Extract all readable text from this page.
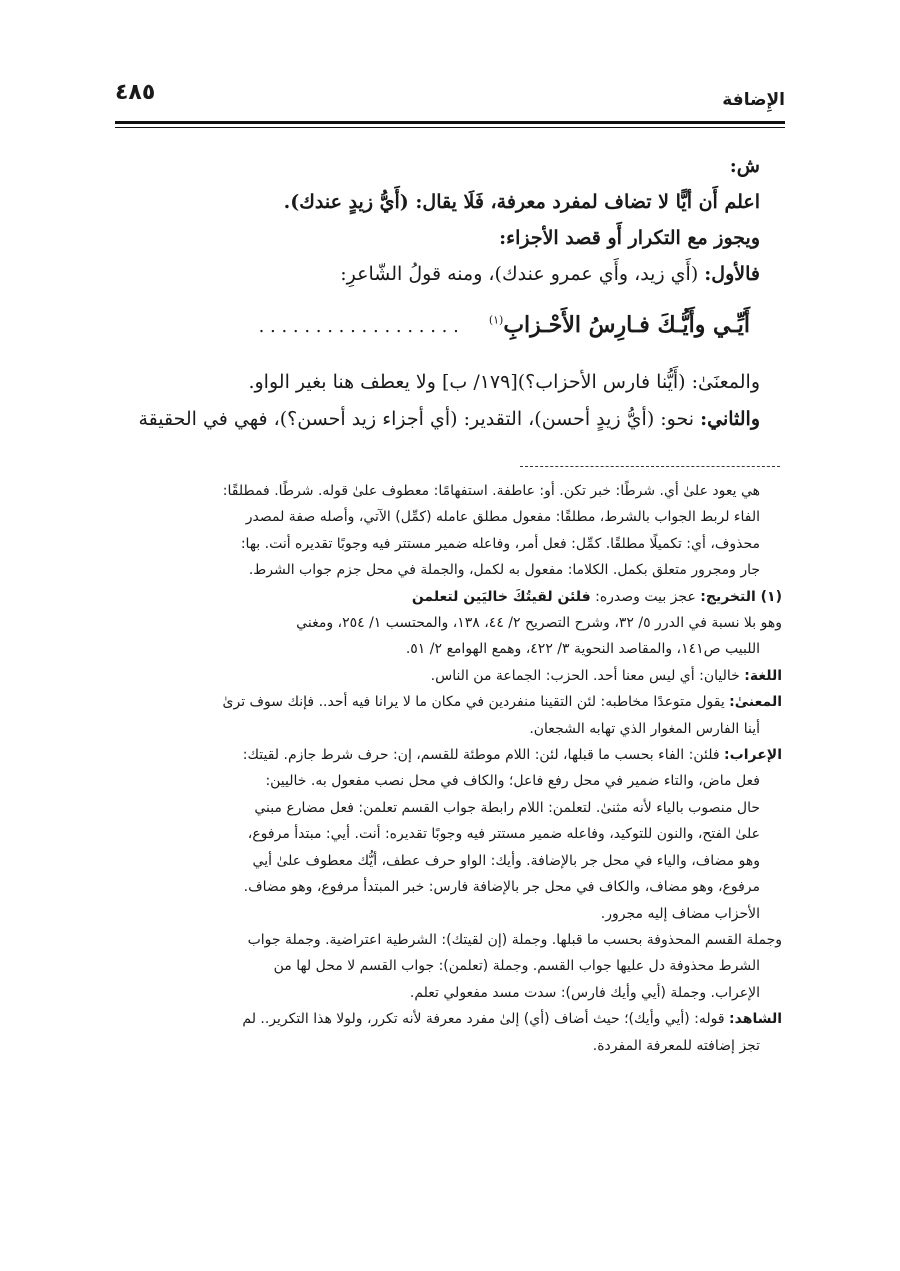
الإِضافة
٤٨٥

ش:

اعلم أَن أيًّا لا تضاف لمفرد معرفة، فَلَا يقال: (أَيُّ زيدٍ عندك).

ويجوز مع التكرار أَو قصد الأجزاء:

فالأول: (أَي زيد، وأَي عمرو عندك)، ومنه قولُ الشّاعرِ:

أَيِّـي وأَيُّـكَ فـارِسُ الأَحْـزابِ$^{(١)}$. . . . . . . . . . . . . . . . . .

والمعنَىٰ: (أَيُّنا فارس الأحزاب؟)[١٧٩/ ب] ولا يعطف هنا بغير الواو.

والثاني: نحو: (أيُّ زيدٍ أحسن)، التقدير: (أي أجزاء زيد أحسن؟)، فهي في الحقيقة

هي يعود علىٰ أي. شرطًا: خبر تكن. أو: عاطفة. استفهامًا: معطوف علىٰ قوله. شرطًا. فمطلقًا:

الفاء لربط الجواب بالشرط، مطلقًا: مفعول مطلق عامله (كمِّل) الآتي، وأصله صفة لمصدر

محذوف، أي: تكميلًا مطلقًا. كمِّل: فعل أمر، وفاعله ضمير مستتر فيه وجوبًا تقديره أنت. بها:

جار ومجرور متعلق بكمل. الكلاما: مفعول به لكمل، والجملة في محل جزم جواب الشرط.

(١) التخريج: عجز بيت وصدره: فلئن لقيتُكَ خاليَين لتعلمن

وهو بلا نسبة في الدرر ٥/ ٣٢، وشرح التصريح ٢/ ٤٤، ١٣٨، والمحتسب ١/ ٢٥٤، ومغني

اللبيب ص١٤١، والمقاصد النحوية ٣/ ٤٢٢، وهمع الهوامع ٢/ ٥١.

اللغة: خاليان: أي ليس معنا أحد. الحزب: الجماعة من الناس.

المعنىٰ: يقول متوعدًا مخاطبه: لئن التقينا منفردين في مكان ما لا يرانا فيه أحد.. فإنك سوف ترىٰ

أينا الفارس المغوار الذي تهابه الشجعان.

الإعراب: فلئن: الفاء بحسب ما قبلها، لئن: اللام موطئة للقسم، إن: حرف شرط جازم. لقيتك:

فعل ماض، والتاء ضمير في محل رفع فاعل؛ والكاف في محل نصب مفعول به. خاليين:

حال منصوب بالياء لأنه مثنىٰ. لتعلمن: اللام رابطة جواب القسم تعلمن: فعل مضارع مبني

علىٰ الفتح، والنون للتوكيد، وفاعله ضمير مستتر فيه وجوبًا تقديره: أنت. أيي: مبتدأ مرفوع،

وهو مضاف، والياء في محل جر بالإضافة. وأيك: الواو حرف عطف، أيُّك معطوف علىٰ أيي

مرفوع، وهو مضاف، والكاف في محل جر بالإضافة فارس: خبر المبتدأ مرفوع، وهو مضاف.

الأحزاب مضاف إليه مجرور.

وجملة القسم المحذوفة بحسب ما قبلها. وجملة (إن لقيتك): الشرطية اعتراضية. وجملة جواب

الشرط محذوفة دل عليها جواب القسم. وجملة (تعلمن): جواب القسم لا محل لها من

الإعراب. وجملة (أيي وأيك فارس): سدت مسد مفعولي تعلم.

الشاهد: قوله: (أيي وأيك)؛ حيث أضاف (أي) إلىٰ مفرد معرفة لأنه تكرر، ولولا هذا التكرير.. لم

تجز إضافته للمعرفة المفردة.
